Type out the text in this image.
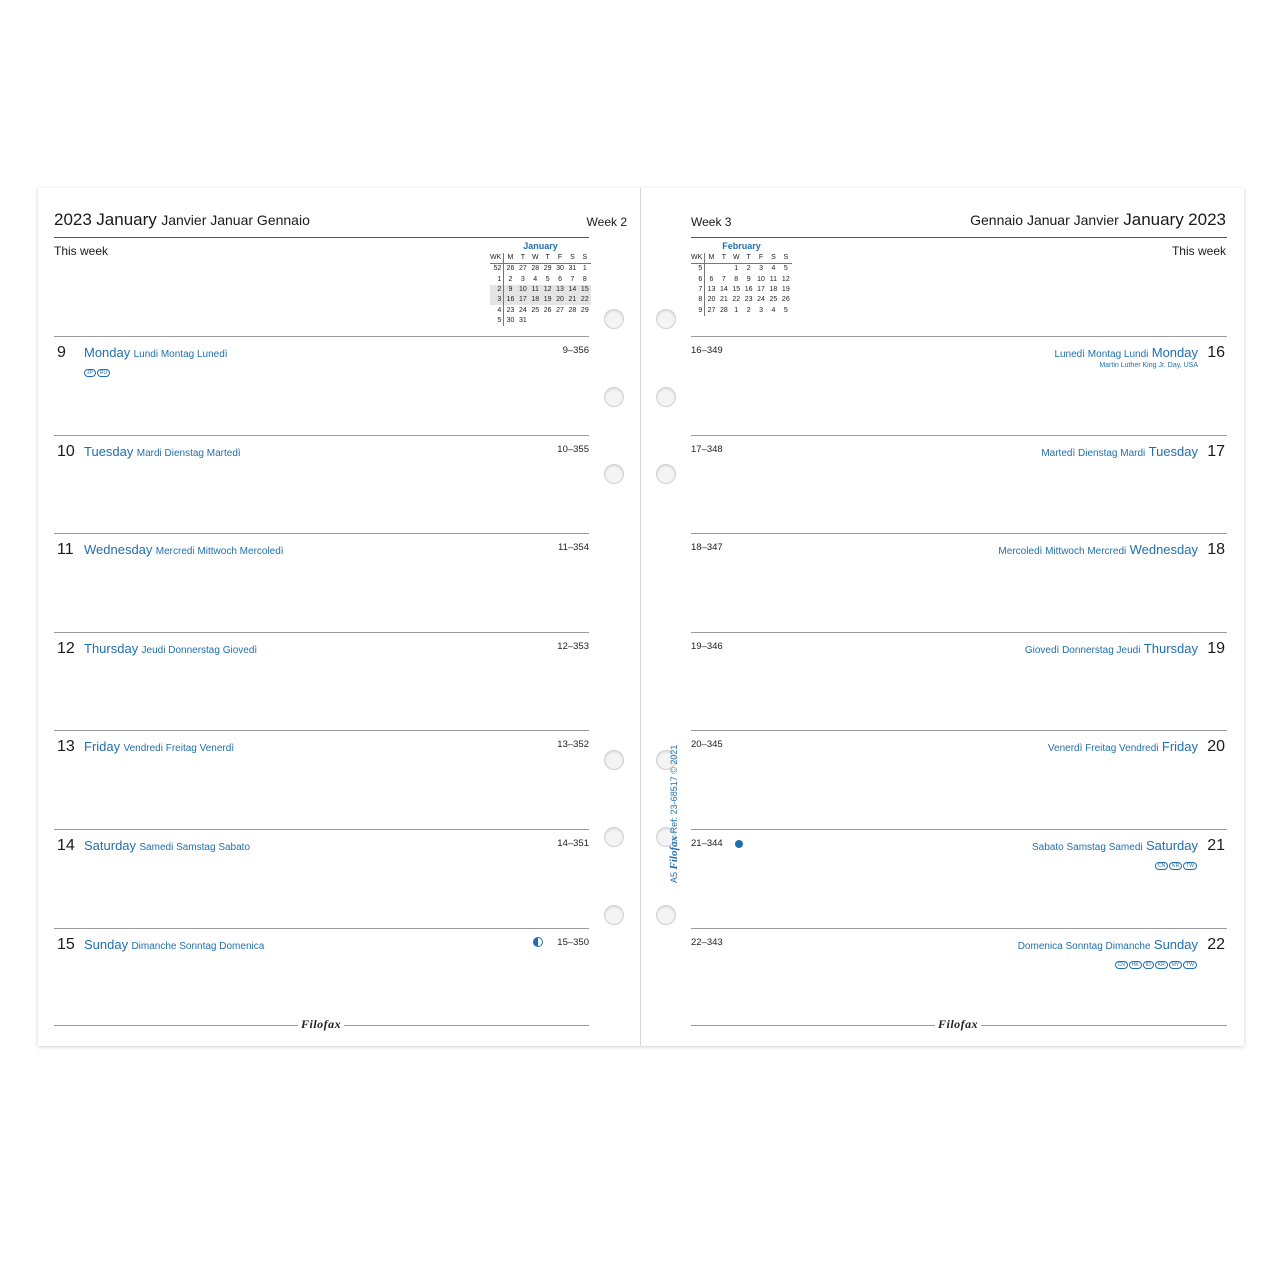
2023 January Janvier Januar Gennaio	Week 2
This week	January
WK	M	T	W	T	F	S	S
52	26	27	28	29	30	31	1
1	2	3	4	5	6	7	8
2	9	10	11	12	13	14	15
3	16	17	18	19	20	21	22
4	23	24	25	26	27	28	29
5	30	31					
9 Monday Lundi Montag Lunedì	9–356
JP RU
10 Tuesday Mardi Dienstag Martedì	10–355
11 Wednesday Mercredi Mittwoch Mercoledì	11–354
12 Thursday Jeudi Donnerstag Giovedì	12–353
13 Friday Vendredi Freitag Venerdì	13–352
14 Saturday Samedi Samstag Sabato	14–351
15 Sunday Dimanche Sonntag Domenica	15–350
Filofax
Week 3	Gennaio Januar Janvier January 2023
This week
February
WK	M	T	W	T	F	S	S
5			1	2	3	4	5
6	6	7	8	9	10	11	12
7	13	14	15	16	17	18	19
8	20	21	22	23	24	25	26
9	27	28	1	2	3	4	5
16
Lunedì Montag Lundi Monday
16–349
Martin Luther King Jr. Day, USA
17
Martedì Dienstag Mardi Tuesday
17–348
18
Mercoledì Mittwoch Mercredi Wednesday
18–347
19
Giovedì Donnerstag Jeudi Thursday
19–346
20
Venerdì Freitag Vendredi Friday
20–345
21
Sabato Samstag Samedi Saturday
21–344
CN KR TW
22
Domenica Sonntag Dimanche Sunday
22–343
CN HK ID KR MY TW
Filofax
A5 Filofax Ref: 23-68517 © 2021
